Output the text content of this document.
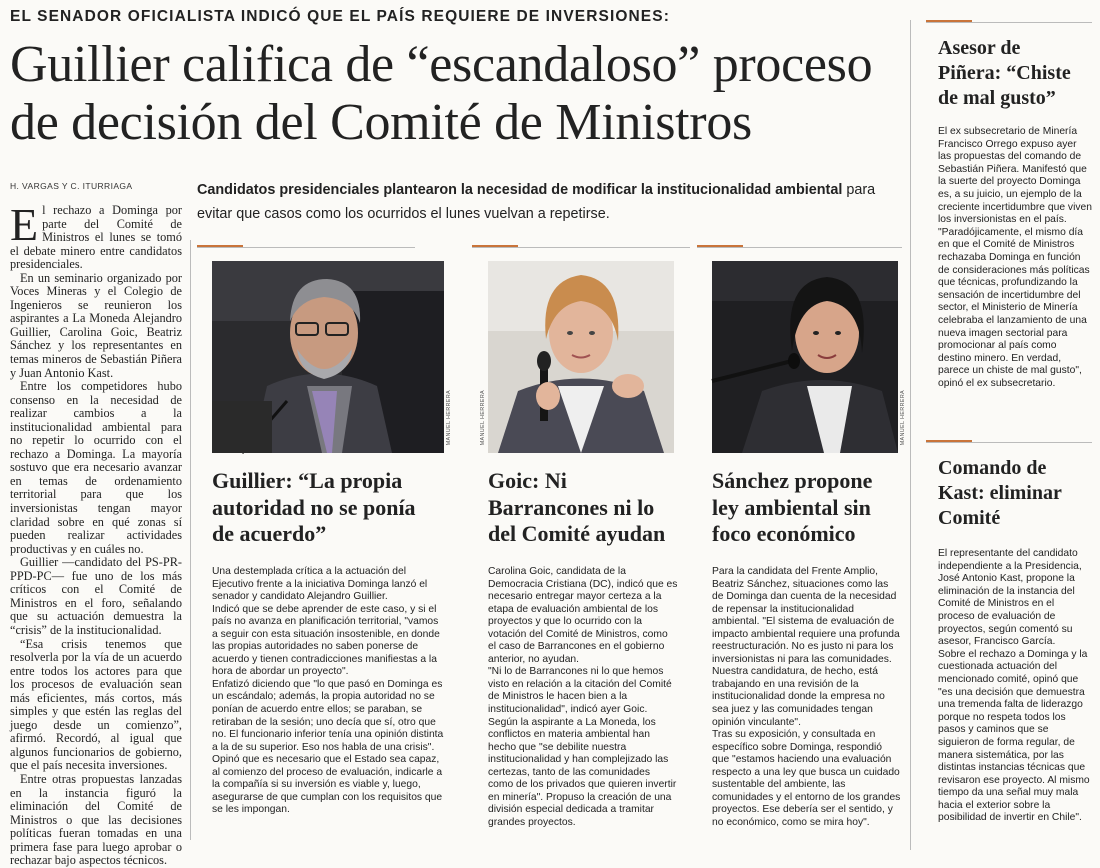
EL SENADOR OFICIALISTA INDICÓ QUE EL PAÍS REQUIERE DE INVERSIONES:
Guillier califica de “escandaloso” proceso
de decisión del Comité de Ministros
H. VARGAS Y C. ITURRIAGA	Candidatos presidenciales plantearon la necesidad de modificar la institucionalidad ambiental para evitar que casos como los ocurridos el lunes vuelvan a repetirse.

El rechazo a Dominga por parte del Comité de Ministros el lunes se tomó el debate minero entre candidatos presidenciales.

En un seminario organizado por Voces Mineras y el Colegio de Ingenieros se reunieron los aspirantes a La Moneda Alejandro Guillier, Carolina Goic, Beatriz Sánchez y los representantes en temas mineros de Sebastián Piñera y Juan Antonio Kast.

Entre los competidores hubo consenso en la necesidad de realizar cambios a la institucionalidad ambiental para no repetir lo ocurrido con el rechazo a Dominga. La mayoría sostuvo que era necesario avanzar en temas de ordenamiento territorial para que los inversionistas tengan mayor claridad sobre en qué zonas sí pueden realizar actividades productivas y en cuáles no.

Guillier —candidato del PS-PR-PPD-PC— fue uno de los más críticos con el Comité de Ministros en el foro, señalando que su actuación demuestra la “crisis” de la institucionalidad.

“Esa crisis tenemos que resolverla por la vía de un acuerdo entre todos los actores para que los procesos de evaluación sean más eficientes, más cortos, más simples y que estén las reglas del juego desde un comienzo”, afirmó. Recordó, al igual que algunos funcionarios de gobierno, que el país necesita inversiones.

Entre otras propuestas lanzadas en la instancia figuró la eliminación del Comité de Ministros o que las decisiones políticas fueran tomadas en una primera fase para luego aprobar o rechazar bajo aspectos técnicos.

MANUEL HERRERA
Guillier: “La propia autoridad no se ponía de acuerdo”

Una destemplada crítica a la actuación del Ejecutivo frente a la iniciativa Dominga lanzó el senador y candidato Alejandro Guillier.

Indicó que se debe aprender de este caso, y si el país no avanza en planificación territorial, "vamos a seguir con esta situación insostenible, en donde las propias autoridades no saben ponerse de acuerdo y tienen contradicciones manifiestas a la hora de abordar un proyecto".

Enfatizó diciendo que "lo que pasó en Dominga es un escándalo; además, la propia autoridad no se ponían de acuerdo entre ellos; se paraban, se retiraban de la sesión; uno decía que sí, otro que no. El funcionario inferior tenía una opinión distinta a la de su superior. Eso nos habla de una crisis".

Opinó que es necesario que el Estado sea capaz, al comienzo del proceso de evaluación, indicarle a la compañía si su inversión es viable y, luego, asegurarse de que cumplan con los requisitos que se les impongan.

MANUEL HERRERA
Goic: Ni Barrancones ni lo del Comité ayudan

Carolina Goic, candidata de la Democracia Cristiana (DC), indicó que es necesario entregar mayor certeza a la etapa de evaluación ambiental de los proyectos y que lo ocurrido con la votación del Comité de Ministros, como el caso de Barrancones en el gobierno anterior, no ayudan.

"Ni lo de Barrancones ni lo que hemos visto en relación a la citación del Comité de Ministros le hacen bien a la institucionalidad", indicó ayer Goic.

Según la aspirante a La Moneda, los conflictos en materia ambiental han hecho que "se debilite nuestra institucionalidad y han complejizado las certezas, tanto de las comunidades como de los privados que quieren invertir en minería". Propuso la creación de una división especial dedicada a tramitar grandes proyectos.

MANUEL HERRERA
Sánchez propone ley ambiental sin foco económico

Para la candidata del Frente Amplio, Beatriz Sánchez, situaciones como las de Dominga dan cuenta de la necesidad de repensar la institucionalidad ambiental. "El sistema de evaluación de impacto ambiental requiere una profunda reestructuración. No es justo ni para los inversionistas ni para las comunidades. Nuestra candidatura, de hecho, está trabajando en una revisión de la institucionalidad donde la empresa no sea juez y las comunidades tengan opinión vinculante".

Tras su exposición, y consultada en específico sobre Dominga, respondió que "estamos haciendo una evaluación respecto a una ley que busca un cuidado sustentable del ambiente, las comunidades y el entorno de los grandes proyectos. Ese debería ser el sentido, y no económico, como se mira hoy".

Asesor de Piñera: “Chiste de mal gusto”

El ex subsecretario de Minería Francisco Orrego expuso ayer las propuestas del comando de Sebastián Piñera. Manifestó que la suerte del proyecto Dominga es, a su juicio, un ejemplo de la creciente incertidumbre que viven los inversionistas en el país.

"Paradójicamente, el mismo día en que el Comité de Ministros rechazaba Dominga en función de consideraciones más políticas que técnicas, profundizando la sensación de incertidumbre del sector, el Ministerio de Minería celebraba el lanzamiento de una nueva imagen sectorial para promocionar al país como destino minero. En verdad, parece un chiste de mal gusto", opinó el ex subsecretario.

Comando de Kast: eliminar Comité

El representante del candidato independiente a la Presidencia, José Antonio Kast, propone la eliminación de la instancia del Comité de Ministros en el proceso de evaluación de proyectos, según comentó su asesor, Francisco García.

Sobre el rechazo a Dominga y la cuestionada actuación del mencionado comité, opinó que "es una decisión que demuestra una tremenda falta de liderazgo porque no respeta todos los pasos y caminos que se siguieron de forma regular, de manera sistemática, por las distintas instancias técnicas que revisaron ese proyecto. Al mismo tiempo da una señal muy mala hacia el exterior sobre la posibilidad de invertir en Chile".
